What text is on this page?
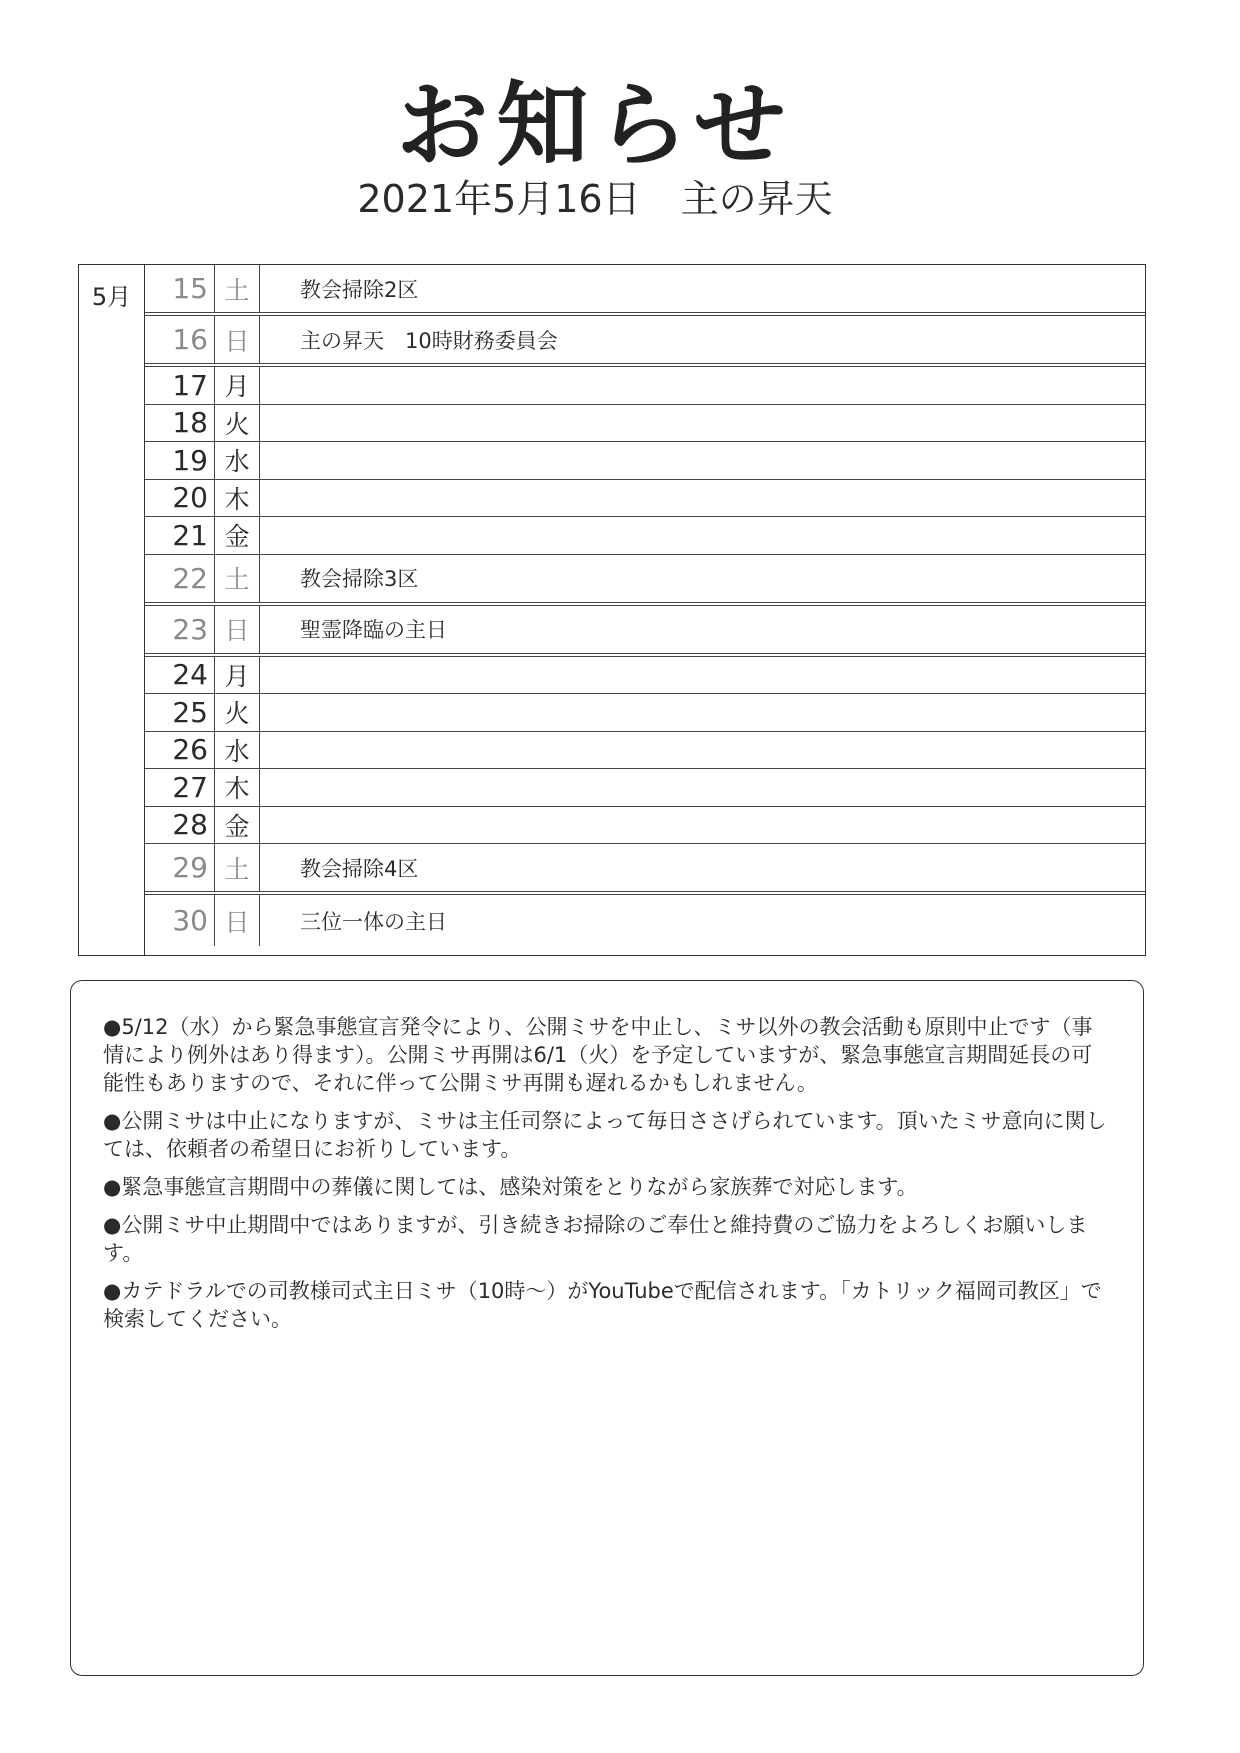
お知らせ
2021年5月16日 主の昇天
5月	15 土	教会掃除2区
16 日	主の昇天　10時財務委員会
17 月
18 火
19 水
20 木
21 金
22 土	教会掃除3区
23 日	聖霊降臨の主日
24 月
25 火
26 水
27 木
28 金
29 土	教会掃除4区
30 日	三位一体の主日

●5/12（水）から緊急事態宣言発令により、公開ミサを中止し、ミサ以外の教会活動も原則中止です（事情により例外はあり得ます）。公開ミサ再開は6/1（火）を予定していますが、緊急事態宣言期間延長の可能性もありますので、それに伴って公開ミサ再開も遅れるかもしれません。

●公開ミサは中止になりますが、ミサは主任司祭によって毎日ささげられています。頂いたミサ意向に関しては、依頼者の希望日にお祈りしています。

●緊急事態宣言期間中の葬儀に関しては、感染対策をとりながら家族葬で対応します。

●公開ミサ中止期間中ではありますが、引き続きお掃除のご奉仕と維持費のご協力をよろしくお願いします。

●カテドラルでの司教様司式主日ミサ（10時～）がYouTubeで配信されます。「カトリック福岡司教区」で検索してください。
